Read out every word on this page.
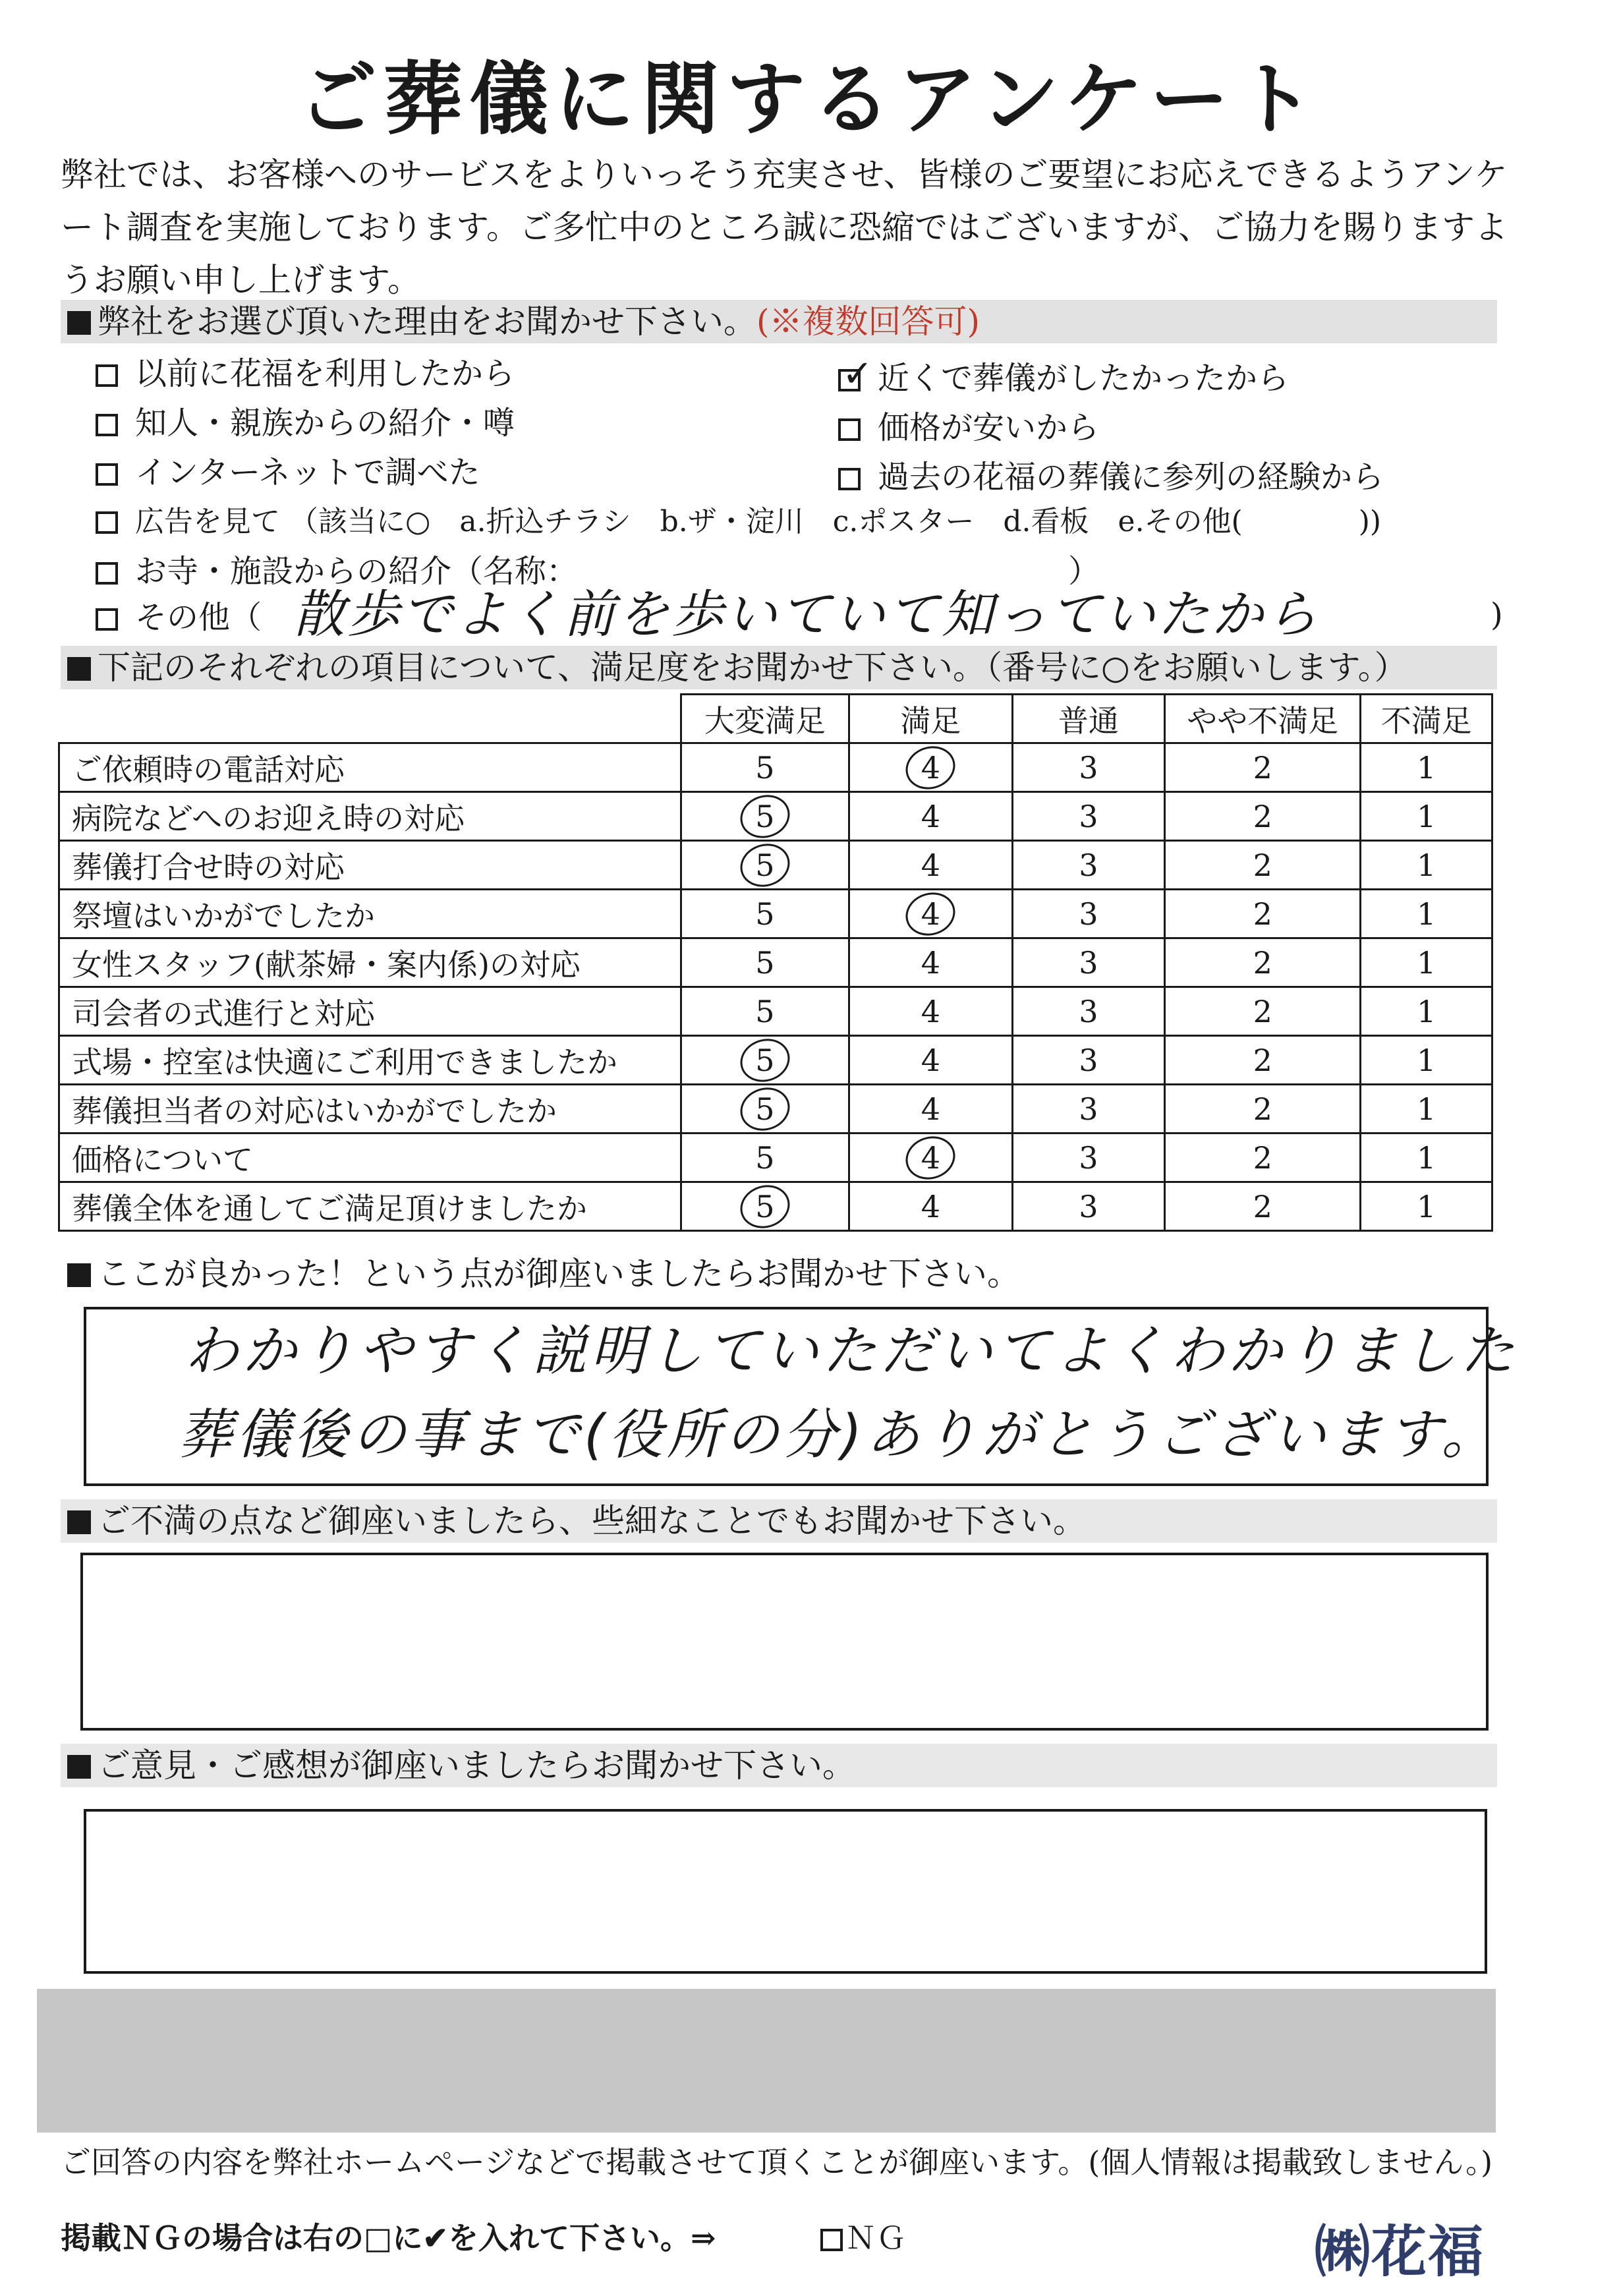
ご葬儀に関するアンケート
弊社では、お客様へのサービスをよりいっそう充実させ、皆様のご要望にお応えできるようアンケート調査を実施しております。ご多忙中のところ誠に恐縮ではございますが、ご協力を賜りますようお願い申し上げます。
弊社をお選び頂いた理由をお聞かせ下さい。(※複数回答可)
以前に花福を利用したから	✓ 近くで葬儀がしたかったから
知人・親族からの紹介・噂	価格が安いから
インターネットで調べた	過去の花福の葬儀に参列の経験から
広告を見て （該当に○　a.折込チラシ　b.ザ・淀川　c.ポスター　d.看板　e.その他(　　　　))
お寺・施設からの紹介（名称：　　　　　　　　　　　　　　　　）
その他（ 散歩でよく前を歩いていて知っていたから	)
下記のそれぞれの項目について、満足度をお聞かせ下さい。（番号に○をお願いします。）
	大変満足	満足	普通	やや不満足	不満足
ご依頼時の電話対応	5	4	3	2	1
病院などへのお迎え時の対応	5	4	3	2	1
葬儀打合せ時の対応	5	4	3	2	1
祭壇はいかがでしたか	5	4	3	2	1
女性スタッフ(献茶婦・案内係)の対応	5	4	3	2	1
司会者の式進行と対応	5	4	3	2	1
式場・控室は快適にご利用できましたか	5	4	3	2	1
葬儀担当者の対応はいかがでしたか	5	4	3	2	1
価格について	5	4	3	2	1
葬儀全体を通してご満足頂けましたか	5	4	3	2	1
ここが良かった！という点が御座いましたらお聞かせ下さい。
わかりやすく説明していただいてよくわかりました
葬儀後の事まで(役所の分)ありがとうございます。
ご不満の点など御座いましたら、些細なことでもお聞かせ下さい。
ご意見・ご感想が御座いましたらお聞かせ下さい。
ご回答の内容を弊社ホームページなどで掲載させて頂くことが御座います。(個人情報は掲載致しません。)
掲載ＮＧの場合は右の□に✔を入れて下さい。⇒	ＮＧ	㈱花福
